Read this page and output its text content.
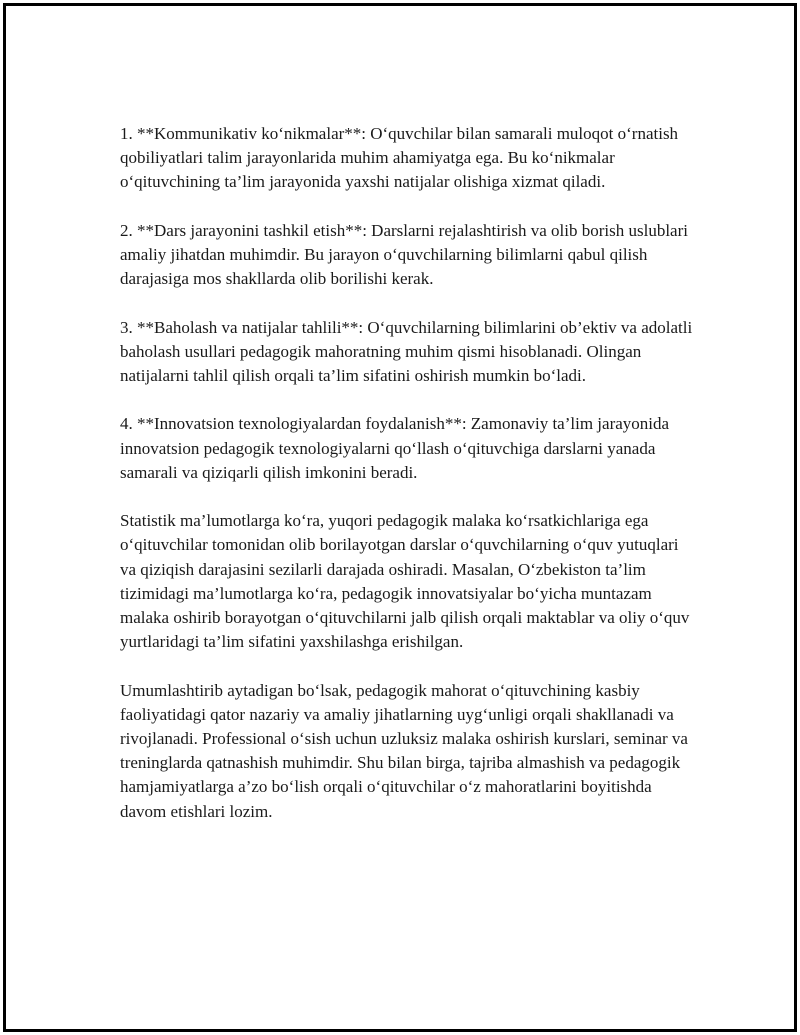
1. **Kommunikativ ko‘nikmalar**: O‘quvchilar bilan samarali muloqot o‘rnatish qobiliyatlari talim jarayonlarida muhim ahamiyatga ega. Bu ko‘nikmalar o‘qituvchining ta’lim jarayonida yaxshi natijalar olishiga xizmat qiladi.

2. **Dars jarayonini tashkil etish**: Darslarni rejalashtirish va olib borish uslublari amaliy jihatdan muhimdir. Bu jarayon o‘quvchilarning bilimlarni qabul qilish darajasiga mos shakllarda olib borilishi kerak.

3. **Baholash va natijalar tahlili**: O‘quvchilarning bilimlarini ob’ektiv va adolatli baholash usullari pedagogik mahoratning muhim qismi hisoblanadi. Olingan natijalarni tahlil qilish orqali ta’lim sifatini oshirish mumkin bo‘ladi.

4. **Innovatsion texnologiyalardan foydalanish**: Zamonaviy ta’lim jarayonida innovatsion pedagogik texnologiyalarni qo‘llash o‘qituvchiga darslarni yanada samarali va qiziqarli qilish imkonini beradi.

Statistik ma’lumotlarga ko‘ra, yuqori pedagogik malaka ko‘rsatkichlariga ega o‘qituvchilar tomonidan olib borilayotgan darslar o‘quvchilarning o‘quv yutuqlari va qiziqish darajasini sezilarli darajada oshiradi. Masalan, O‘zbekiston ta’lim tizimidagi ma’lumotlarga ko‘ra, pedagogik innovatsiyalar bo‘yicha muntazam malaka oshirib borayotgan o‘qituvchilarni jalb qilish orqali maktablar va oliy o‘quv yurtlaridagi ta’lim sifatini yaxshilashga erishilgan.

Umumlashtirib aytadigan bo‘lsak, pedagogik mahorat o‘qituvchining kasbiy faoliyatidagi qator nazariy va amaliy jihatlarning uyg‘unligi orqali shakllanadi va rivojlanadi. Professional o‘sish uchun uzluksiz malaka oshirish kurslari, seminar va treninglarda qatnashish muhimdir. Shu bilan birga, tajriba almashish va pedagogik hamjamiyatlarga a’zo bo‘lish orqali o‘qituvchilar o‘z mahoratlarini boyitishda davom etishlari lozim.
